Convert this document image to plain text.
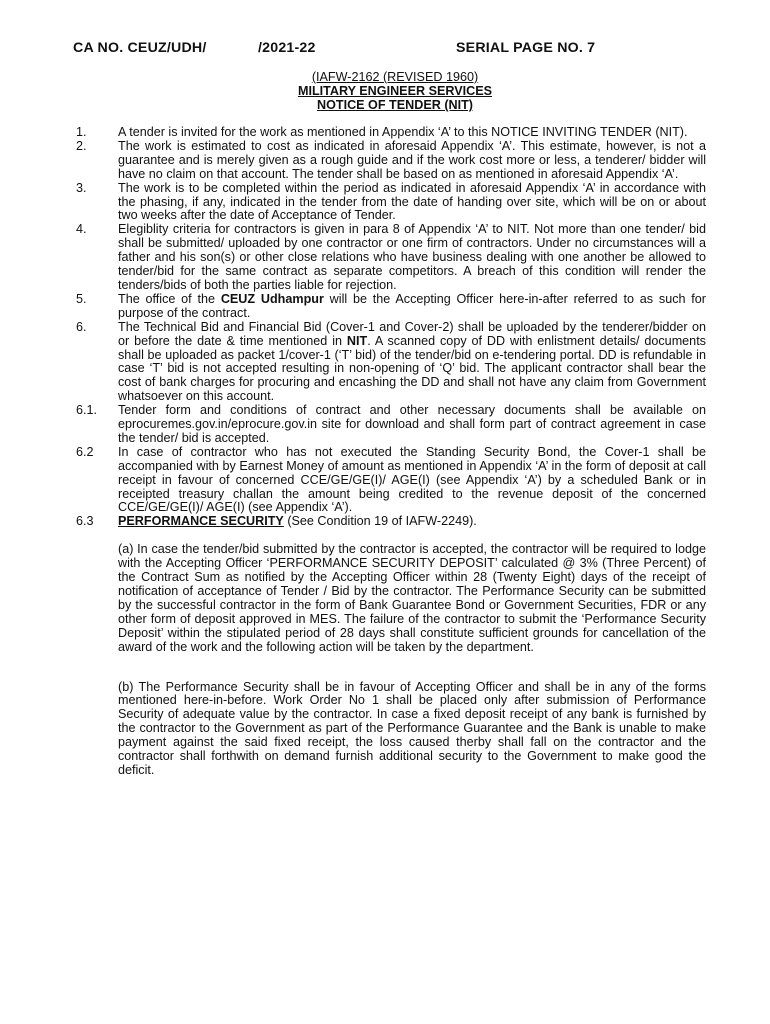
CA NO. CEUZ/UDH/	/2021-22	SERIAL PAGE NO. 7
(IAFW-2162 (REVISED 1960)
MILITARY ENGINEER SERVICES
NOTICE OF TENDER (NIT)
1.	A tender is invited for the work as mentioned in Appendix ‘A’ to this NOTICE INVITING TENDER (NIT).
2.	The work is estimated to cost as indicated in aforesaid Appendix ‘A’. This estimate, however, is not a guarantee and is merely given as a rough guide and if the work cost more or less, a tenderer/ bidder will have no claim on that account. The tender shall be based on as mentioned in aforesaid Appendix ‘A’.
3.	The work is to be completed within the period as indicated in aforesaid Appendix ‘A’ in accordance with the phasing, if any, indicated in the tender from the date of handing over site, which will be on or about two weeks after the date of Acceptance of Tender.
4.	Elegiblity criteria for contractors is given in para 8 of Appendix ‘A’ to NIT. Not more than one tender/ bid shall be submitted/ uploaded by one contractor or one firm of contractors. Under no circumstances will a father and his son(s) or other close relations who have business dealing with one another be allowed to tender/bid for the same contract as separate competitors. A breach of this condition will render the tenders/bids of both the parties liable for rejection.
5.	The office of the CEUZ Udhampur will be the Accepting Officer here-in-after referred to as such for purpose of the contract.
6.	The Technical Bid and Financial Bid (Cover-1 and Cover-2) shall be uploaded by the tenderer/bidder on or before the date & time mentioned in NIT. A scanned copy of DD with enlistment details/ documents shall be uploaded as packet 1/cover-1 (‘T’ bid) of the tender/bid on e-tendering portal. DD is refundable in case ‘T’ bid is not accepted resulting in non-opening of ‘Q’ bid. The applicant contractor shall bear the cost of bank charges for procuring and encashing the DD and shall not have any claim from Government whatsoever on this account.
6.1.	Tender form and conditions of contract and other necessary documents shall be available on eprocuremes.gov.in/eprocure.gov.in site for download and shall form part of contract agreement in case the tender/ bid is accepted.
6.2	In case of contractor who has not executed the Standing Security Bond, the Cover-1 shall be accompanied with by Earnest Money of amount as mentioned in Appendix ‘A’ in the form of deposit at call receipt in favour of concerned CCE/GE/GE(I)/ AGE(I) (see Appendix ‘A’) by a scheduled Bank or in receipted treasury challan the amount being credited to the revenue deposit of the concerned CCE/GE/GE(I)/ AGE(I) (see Appendix ‘A’).
6.3	PERFORMANCE SECURITY (See Condition 19 of IAFW-2249).
(a) In case the tender/bid submitted by the contractor is accepted, the contractor will be required to lodge with the Accepting Officer ‘PERFORMANCE SECURITY DEPOSIT’ calculated @ 3% (Three Percent) of the Contract Sum as notified by the Accepting Officer within 28 (Twenty Eight) days of the receipt of notification of acceptance of Tender / Bid by the contractor. The Performance Security can be submitted by the successful contractor in the form of Bank Guarantee Bond or Government Securities, FDR or any other form of deposit approved in MES. The failure of the contractor to submit the ‘Performance Security Deposit’ within the stipulated period of 28 days shall constitute sufficient grounds for cancellation of the award of the work and the following action will be taken by the department.
(b) The Performance Security shall be in favour of Accepting Officer and shall be in any of the forms mentioned here-in-before. Work Order No 1 shall be placed only after submission of Performance Security of adequate value by the contractor. In case a fixed deposit receipt of any bank is furnished by the contractor to the Government as part of the Performance Guarantee and the Bank is unable to make payment against the said fixed receipt, the loss caused therby shall fall on the contractor and the contractor shall forthwith on demand furnish additional security to the Government to make good the deficit.
